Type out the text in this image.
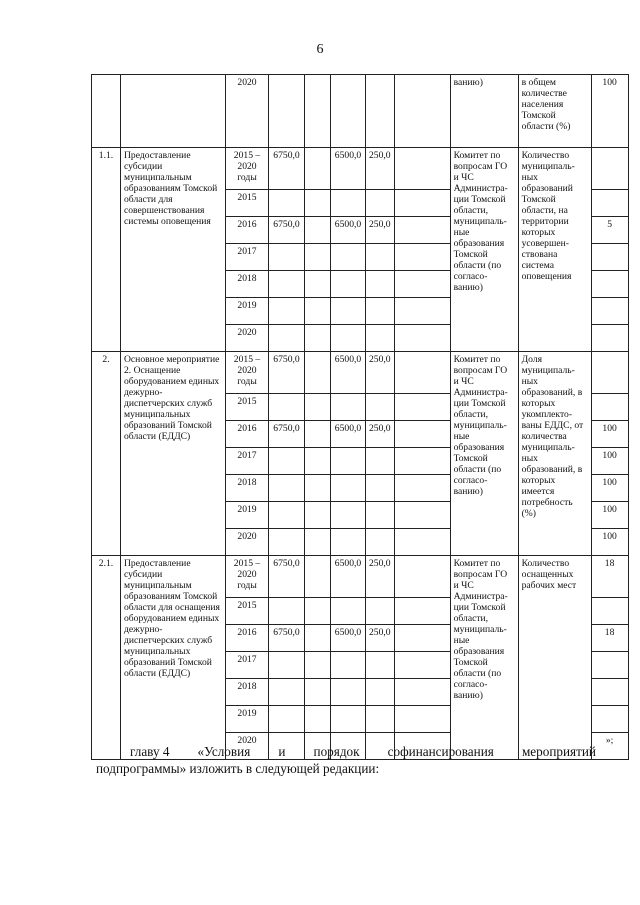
6
		2020						ванию)	в общем количестве населения Томской области (%)	100
1.1.	Предоставление субсидии муниципальным образованиям Томской области для совершенствования системы оповещения	2015 – 2020 годы	6750,0		6500,0	250,0		Комитет по вопросам ГО и ЧС Администра-ции Томской области, муниципаль-ные образования Томской области (по согласо-ванию)	Количество муниципаль-ных образований Томской области, на территории которых усовершен-ствована система оповещения	
		2015								
		2016	6750,0		6500,0	250,0				5
		2017								
		2018								
		2019								
		2020								
2.	Основное мероприятие 2. Оснащение оборудованием единых дежурно-диспетчерских служб муниципальных образований Томской области (ЕДДС)	2015 – 2020 годы	6750,0		6500,0	250,0		Комитет по вопросам ГО и ЧС Администра-ции Томской области, муниципаль-ные образования Томской области (по согласо-ванию)	Доля муниципаль-ных образований, в которых укомплекто-ваны ЕДДС, от количества муниципаль-ных образований, в которых имеется потребность (%)	
		2015								
		2016	6750,0		6500,0	250,0				100
		2017								100
		2018								100
		2019								100
		2020								100
2.1.	Предоставление субсидии муниципальным образованиям Томской области для оснащения оборудованием единых дежурно-диспетчерских служб муниципальных образований Томской области (ЕДДС)	2015 – 2020 годы	6750,0		6500,0	250,0		Комитет по вопросам ГО и ЧС Администра-ции Томской области, муниципаль-ные образования Томской области (по согласо-ванию)	Количество оснащенных рабочих мест	18
		2015								
		2016	6750,0		6500,0	250,0				18
		2017								
		2018								
		2019								
		2020								»;
главу 4 «Условия и порядок софинансирования мероприятий
подпрограммы» изложить в следующей редакции:
